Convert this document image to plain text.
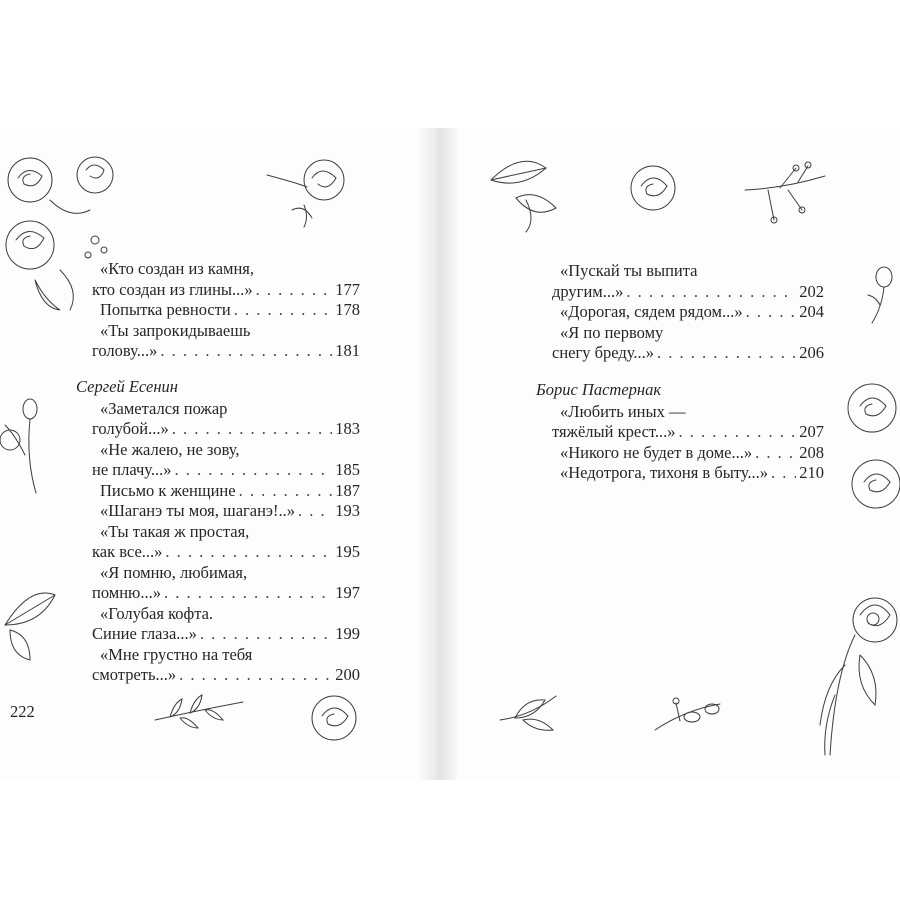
«Кто создан из камня,
кто создан из глины...» . . .	177
Попытка ревности . . .	178
«Ты запрокидываешь
голову...» . . .	181
Сергей Есенин
«Заметался пожар
голубой...» . . .	183
«Не жалею, не зову,
не плачу...» . . .	185
Письмо к женщине . . .	187
«Шаганэ ты моя, шаганэ!..» . . . 193
«Ты такая ж простая,
как все...» . . .	195
«Я помню, любимая,
помню...» . . .	197
«Голубая кофта.
Синие глаза...» . . .	199
«Мне грустно на тебя
смотреть...» . . .	200
222
«Пускай ты выпита
другим...» . . .	202
«Дорогая, сядем рядом...» . . .	204
«Я по первому
снегу бреду...» . . .	206
Борис Пастернак
«Любить иных —
тяжёлый крест...» . . .	207
«Никого не будет в доме...» . . .	208
«Недотрога, тихоня в быту...» . . . 210
